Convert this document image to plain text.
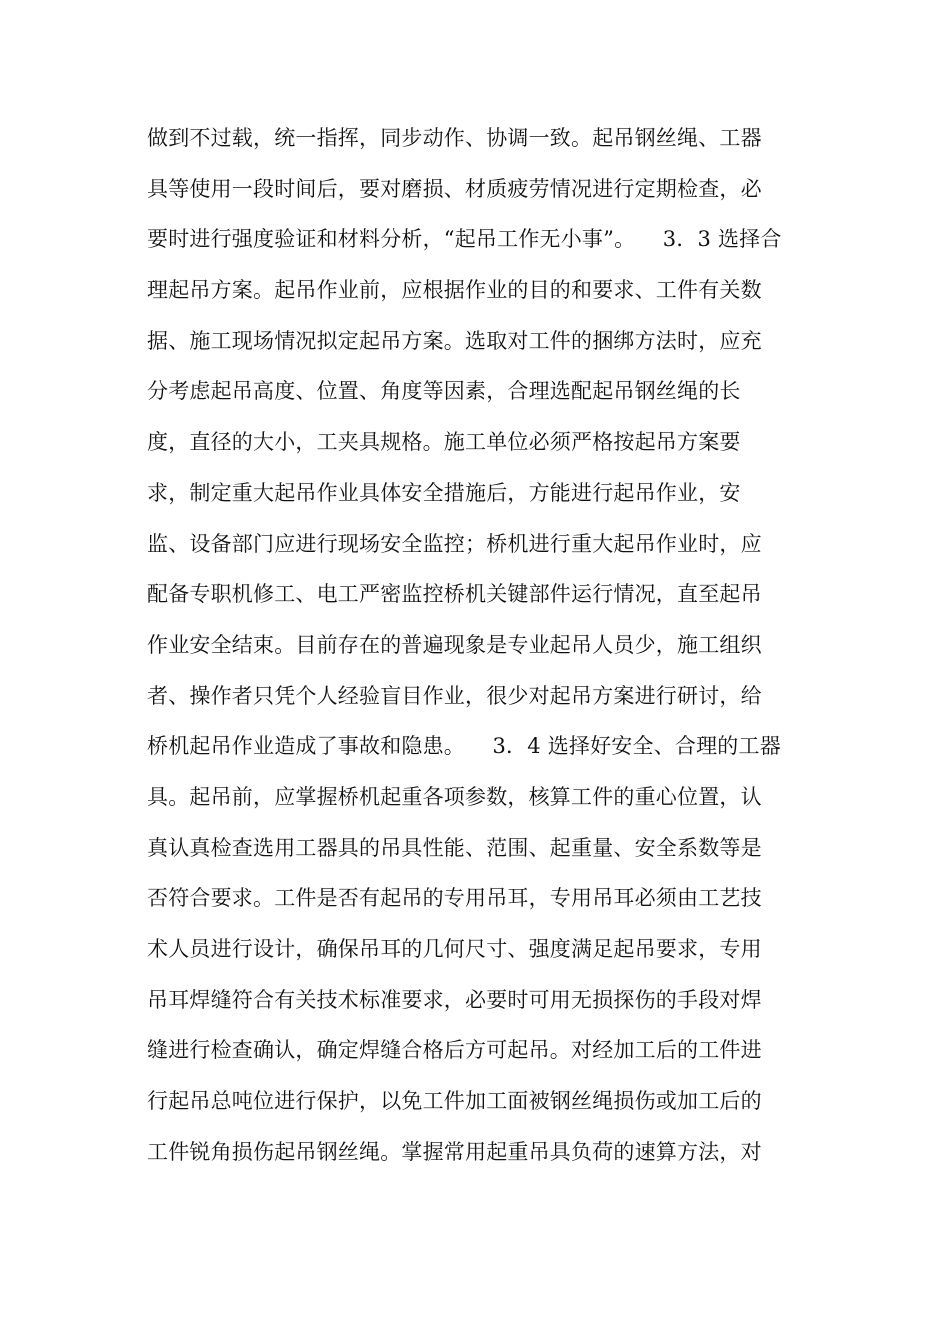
做到不过载，统一指挥，同步动作、协调一致。起吊钢丝绳、工器
具等使用一段时间后，要对磨损、材质疲劳情况进行定期检查，必
要时进行强度验证和材料分析，“起吊工作无小事”。    3．3 选择合
理起吊方案。起吊作业前，应根据作业的目的和要求、工件有关数
据、施工现场情况拟定起吊方案。选取对工件的捆绑方法时，应充
分考虑起吊高度、位置、角度等因素，合理选配起吊钢丝绳的长
度，直径的大小，工夹具规格。施工单位必须严格按起吊方案要
求，制定重大起吊作业具体安全措施后，方能进行起吊作业，安
监、设备部门应进行现场安全监控；桥机进行重大起吊作业时，应
配备专职机修工、电工严密监控桥机关键部件运行情况，直至起吊
作业安全结束。目前存在的普遍现象是专业起吊人员少，施工组织
者、操作者只凭个人经验盲目作业，很少对起吊方案进行研讨，给
桥机起吊作业造成了事故和隐患。    3．4 选择好安全、合理的工器
具。起吊前，应掌握桥机起重各项参数，核算工件的重心位置，认
真认真检查选用工器具的吊具性能、范围、起重量、安全系数等是
否符合要求。工件是否有起吊的专用吊耳，专用吊耳必须由工艺技
术人员进行设计，确保吊耳的几何尺寸、强度满足起吊要求，专用
吊耳焊缝符合有关技术标准要求，必要时可用无损探伤的手段对焊
缝进行检查确认，确定焊缝合格后方可起吊。对经加工后的工件进
行起吊总吨位进行保护，以免工件加工面被钢丝绳损伤或加工后的
工件锐角损伤起吊钢丝绳。掌握常用起重吊具负荷的速算方法，对
